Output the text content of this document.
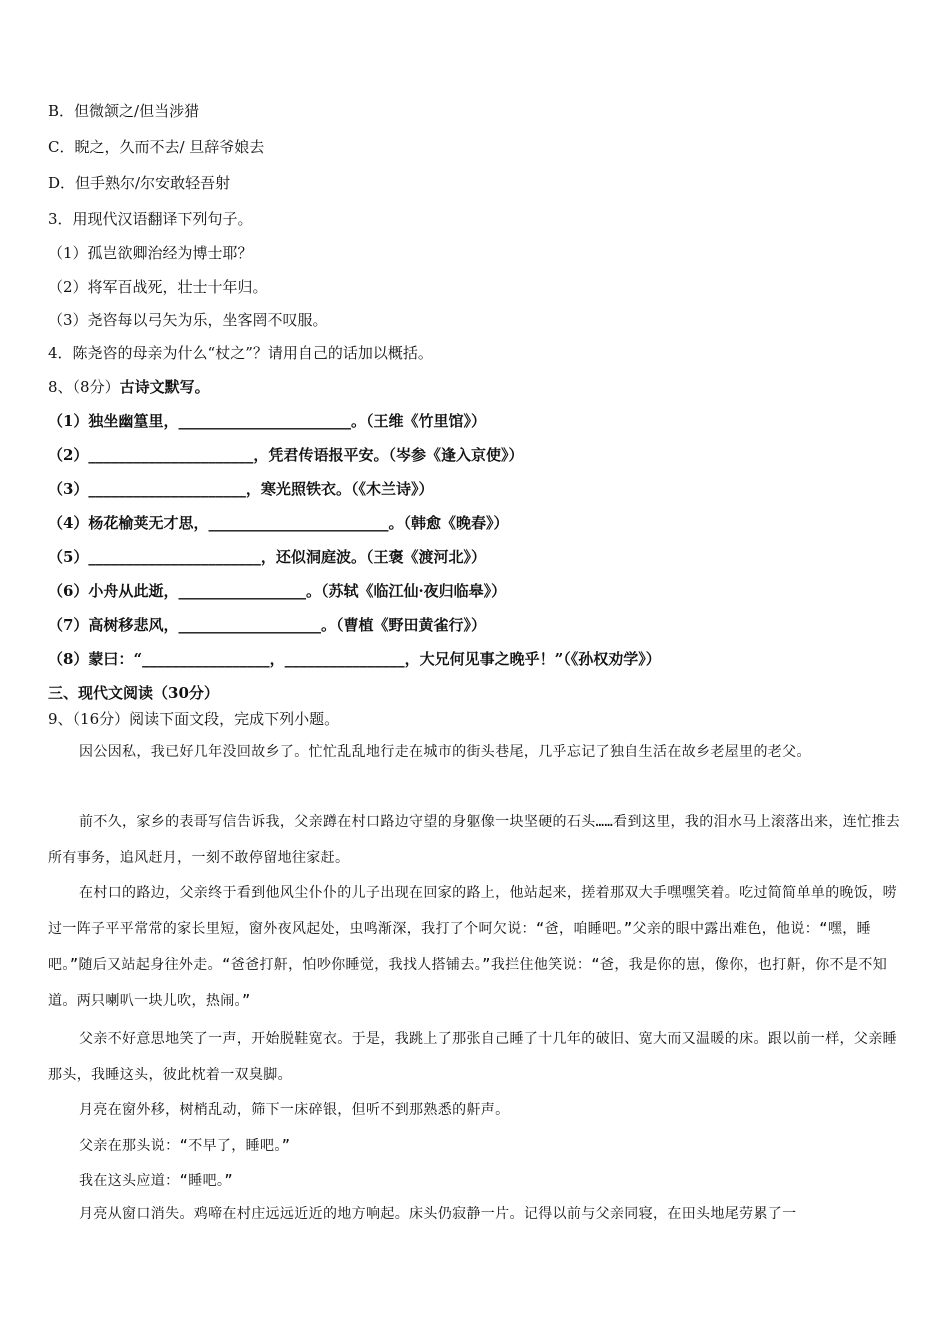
B．但微颔之/但当涉猎
C．睨之，久而不去/ 旦辞爷娘去
D．但手熟尔/尔安敢轻吾射
3．用现代汉语翻译下列句子。
（1）孤岂欲卿治经为博士耶？
（2）将军百战死，壮士十年归。
（3）尧咨每以弓矢为乐，坐客罔不叹服。
4．陈尧咨的母亲为什么“杖之”？请用自己的话加以概括。
8、（8分）古诗文默写。
（1）独坐幽篁里，_______________________。（王维《竹里馆》）
（2）______________________，凭君传语报平安。（岑参《逢入京使》）
（3）_____________________，寒光照铁衣。（《木兰诗》）
（4）杨花榆荚无才思，________________________。（韩愈《晚春》）
（5）_______________________，还似洞庭波。（王褒《渡河北》）
（6）小舟从此逝，_________________。（苏轼《临江仙·夜归临皋》）
（7）高树移悲风，___________________。（曹植《野田黄雀行》）
（8）蒙曰：“_________________，________________，大兄何见事之晚乎！”（《孙权劝学》）
三、现代文阅读（30分）
9、（16分）阅读下面文段，完成下列小题。
因公因私，我已好几年没回故乡了。忙忙乱乱地行走在城市的街头巷尾，几乎忘记了独自生活在故乡老屋里的老父。
前不久，家乡的表哥写信告诉我，父亲蹲在村口路边守望的身躯像一块坚硬的石头……看到这里，我的泪水马上滚落出来，连忙推去所有事务，追风赶月，一刻不敢停留地往家赶。
在村口的路边，父亲终于看到他风尘仆仆的儿子出现在回家的路上，他站起来，搓着那双大手嘿嘿笑着。吃过简简单单的晚饭，唠过一阵子平平常常的家长里短，窗外夜风起处，虫鸣渐深，我打了个呵欠说：“爸，咱睡吧。”父亲的眼中露出难色，他说：“嘿，睡吧。”随后又站起身往外走。“爸爸打鼾，怕吵你睡觉，我找人搭铺去。”我拦住他笑说：“爸，我是你的崽，像你，也打鼾，你不是不知道。两只喇叭一块儿吹，热闹。”
父亲不好意思地笑了一声，开始脱鞋宽衣。于是，我跳上了那张自己睡了十几年的破旧、宽大而又温暖的床。跟以前一样，父亲睡那头，我睡这头，彼此枕着一双臭脚。
月亮在窗外移，树梢乱动，筛下一床碎银，但听不到那熟悉的鼾声。
父亲在那头说：“不早了，睡吧。”
我在这头应道：“睡吧。”
月亮从窗口消失。鸡啼在村庄远远近近的地方响起。床头仍寂静一片。记得以前与父亲同寝，在田头地尾劳累了一
